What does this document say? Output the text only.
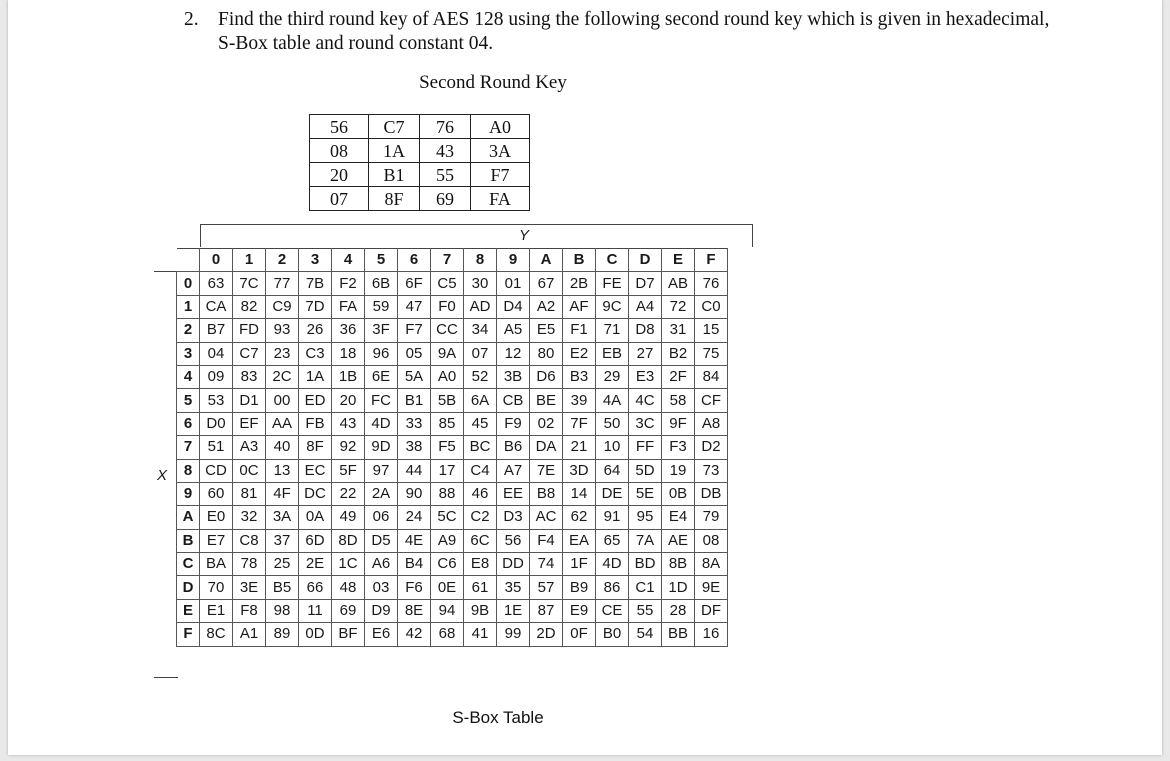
2. Find the third round key of AES 128 using the following second round key which is given in hexadecimal, S-Box table and round constant 04.
Second Round Key
56	C7	76	A0
08	1A	43	3A
20	B1	55	F7
07	8F	69	FA
Y
X
	0	1	2	3	4	5	6	7	8	9	A	B	C	D	E	F
0	63	7C	77	7B	F2	6B	6F	C5	30	01	67	2B	FE	D7	AB	76
1	CA	82	C9	7D	FA	59	47	F0	AD	D4	A2	AF	9C	A4	72	C0
2	B7	FD	93	26	36	3F	F7	CC	34	A5	E5	F1	71	D8	31	15
3	04	C7	23	C3	18	96	05	9A	07	12	80	E2	EB	27	B2	75
4	09	83	2C	1A	1B	6E	5A	A0	52	3B	D6	B3	29	E3	2F	84
5	53	D1	00	ED	20	FC	B1	5B	6A	CB	BE	39	4A	4C	58	CF
6	D0	EF	AA	FB	43	4D	33	85	45	F9	02	7F	50	3C	9F	A8
7	51	A3	40	8F	92	9D	38	F5	BC	B6	DA	21	10	FF	F3	D2
8	CD	0C	13	EC	5F	97	44	17	C4	A7	7E	3D	64	5D	19	73
9	60	81	4F	DC	22	2A	90	88	46	EE	B8	14	DE	5E	0B	DB
A	E0	32	3A	0A	49	06	24	5C	C2	D3	AC	62	91	95	E4	79
B	E7	C8	37	6D	8D	D5	4E	A9	6C	56	F4	EA	65	7A	AE	08
C	BA	78	25	2E	1C	A6	B4	C6	E8	DD	74	1F	4D	BD	8B	8A
D	70	3E	B5	66	48	03	F6	0E	61	35	57	B9	86	C1	1D	9E
E	E1	F8	98	11	69	D9	8E	94	9B	1E	87	E9	CE	55	28	DF
F	8C	A1	89	0D	BF	E6	42	68	41	99	2D	0F	B0	54	BB	16
S-Box Table
